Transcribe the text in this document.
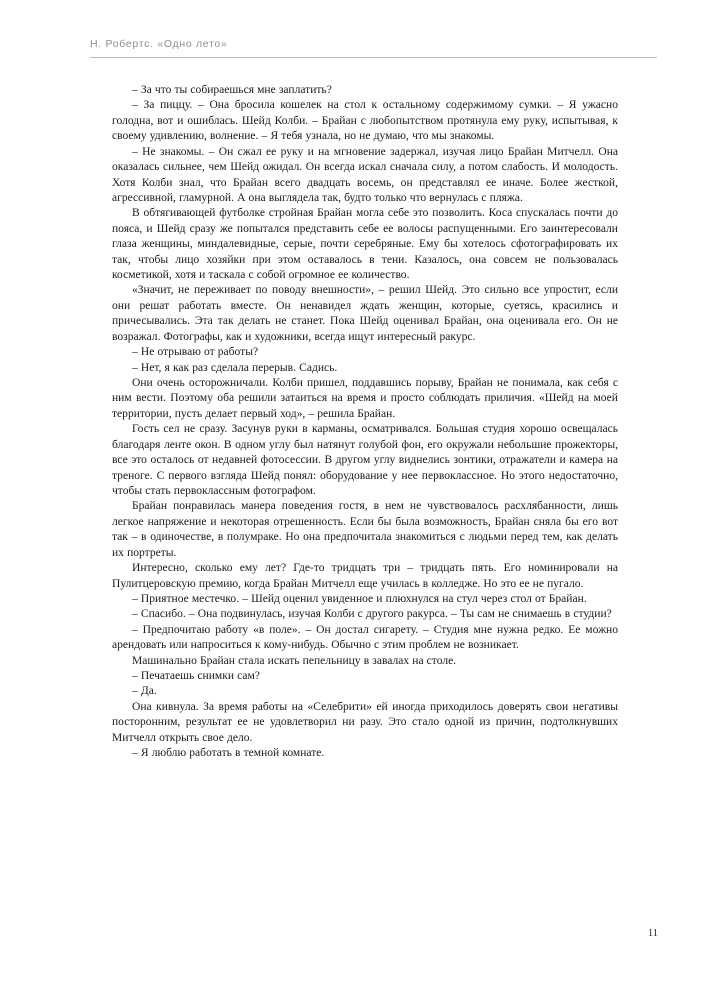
Н. Робертс. «Одно лето»

– За что ты собираешься мне заплатить?

– За пиццу. – Она бросила кошелек на стол к остальному содержимому сумки. – Я ужасно голодна, вот и ошиблась. Шейд Колби. – Брайан с любопытством протянула ему руку, испытывая, к своему удивлению, волнение. – Я тебя узнала, но не думаю, что мы знакомы.

– Не знакомы. – Он сжал ее руку и на мгновение задержал, изучая лицо Брайан Митчелл. Она оказалась сильнее, чем Шейд ожидал. Он всегда искал сначала силу, а потом слабость. И молодость. Хотя Колби знал, что Брайан всего двадцать восемь, он представлял ее иначе. Более жесткой, агрессивной, гламурной. А она выглядела так, будто только что вернулась с пляжа.

В обтягивающей футболке стройная Брайан могла себе это позволить. Коса спускалась почти до пояса, и Шейд сразу же попытался представить себе ее волосы распущенными. Его заинтересовали глаза женщины, миндалевидные, серые, почти серебряные. Ему бы хотелось сфотографировать их так, чтобы лицо хозяйки при этом оставалось в тени. Казалось, она совсем не пользовалась косметикой, хотя и таскала с собой огромное ее количество.

«Значит, не переживает по поводу внешности», – решил Шейд. Это сильно все упростит, если они решат работать вместе. Он ненавидел ждать женщин, которые, суетясь, красились и причесывались. Эта так делать не станет. Пока Шейд оценивал Брайан, она оценивала его. Он не возражал. Фотографы, как и художники, всегда ищут интересный ракурс.

– Не отрываю от работы?

– Нет, я как раз сделала перерыв. Садись.

Они очень осторожничали. Колби пришел, поддавшись порыву, Брайан не понимала, как себя с ним вести. Поэтому оба решили затаиться на время и просто соблюдать приличия. «Шейд на моей территории, пусть делает первый ход», – решила Брайан.

Гость сел не сразу. Засунув руки в карманы, осматривался. Большая студия хорошо освещалась благодаря ленте окон. В одном углу был натянут голубой фон, его окружали небольшие прожекторы, все это осталось от недавней фотосессии. В другом углу виднелись зонтики, отражатели и камера на треноге. С первого взгляда Шейд понял: оборудование у нее первоклассное. Но этого недостаточно, чтобы стать первоклассным фотографом.

Брайан понравилась манера поведения гостя, в нем не чувствовалось расхлябанности, лишь легкое напряжение и некоторая отрешенность. Если бы была возможность, Брайан сняла бы его вот так – в одиночестве, в полумраке. Но она предпочитала знакомиться с людьми перед тем, как делать их портреты.

Интересно, сколько ему лет? Где-то тридцать три – тридцать пять. Его номинировали на Пулитцеровскую премию, когда Брайан Митчелл еще училась в колледже. Но это ее не пугало.

– Приятное местечко. – Шейд оценил увиденное и плюхнулся на стул через стол от Брайан.

– Спасибо. – Она подвинулась, изучая Колби с другого ракурса. – Ты сам не снимаешь в студии?

– Предпочитаю работу «в поле». – Он достал сигарету. – Студия мне нужна редко. Ее можно арендовать или напроситься к кому-нибудь. Обычно с этим проблем не возникает.

Машинально Брайан стала искать пепельницу в завалах на столе.

– Печатаешь снимки сам?

– Да.

Она кивнула. За время работы на «Селебрити» ей иногда приходилось доверять свои негативы посторонним, результат ее не удовлетворил ни разу. Это стало одной из причин, подтолкнувших Митчелл открыть свое дело.

– Я люблю работать в темной комнате.

11
